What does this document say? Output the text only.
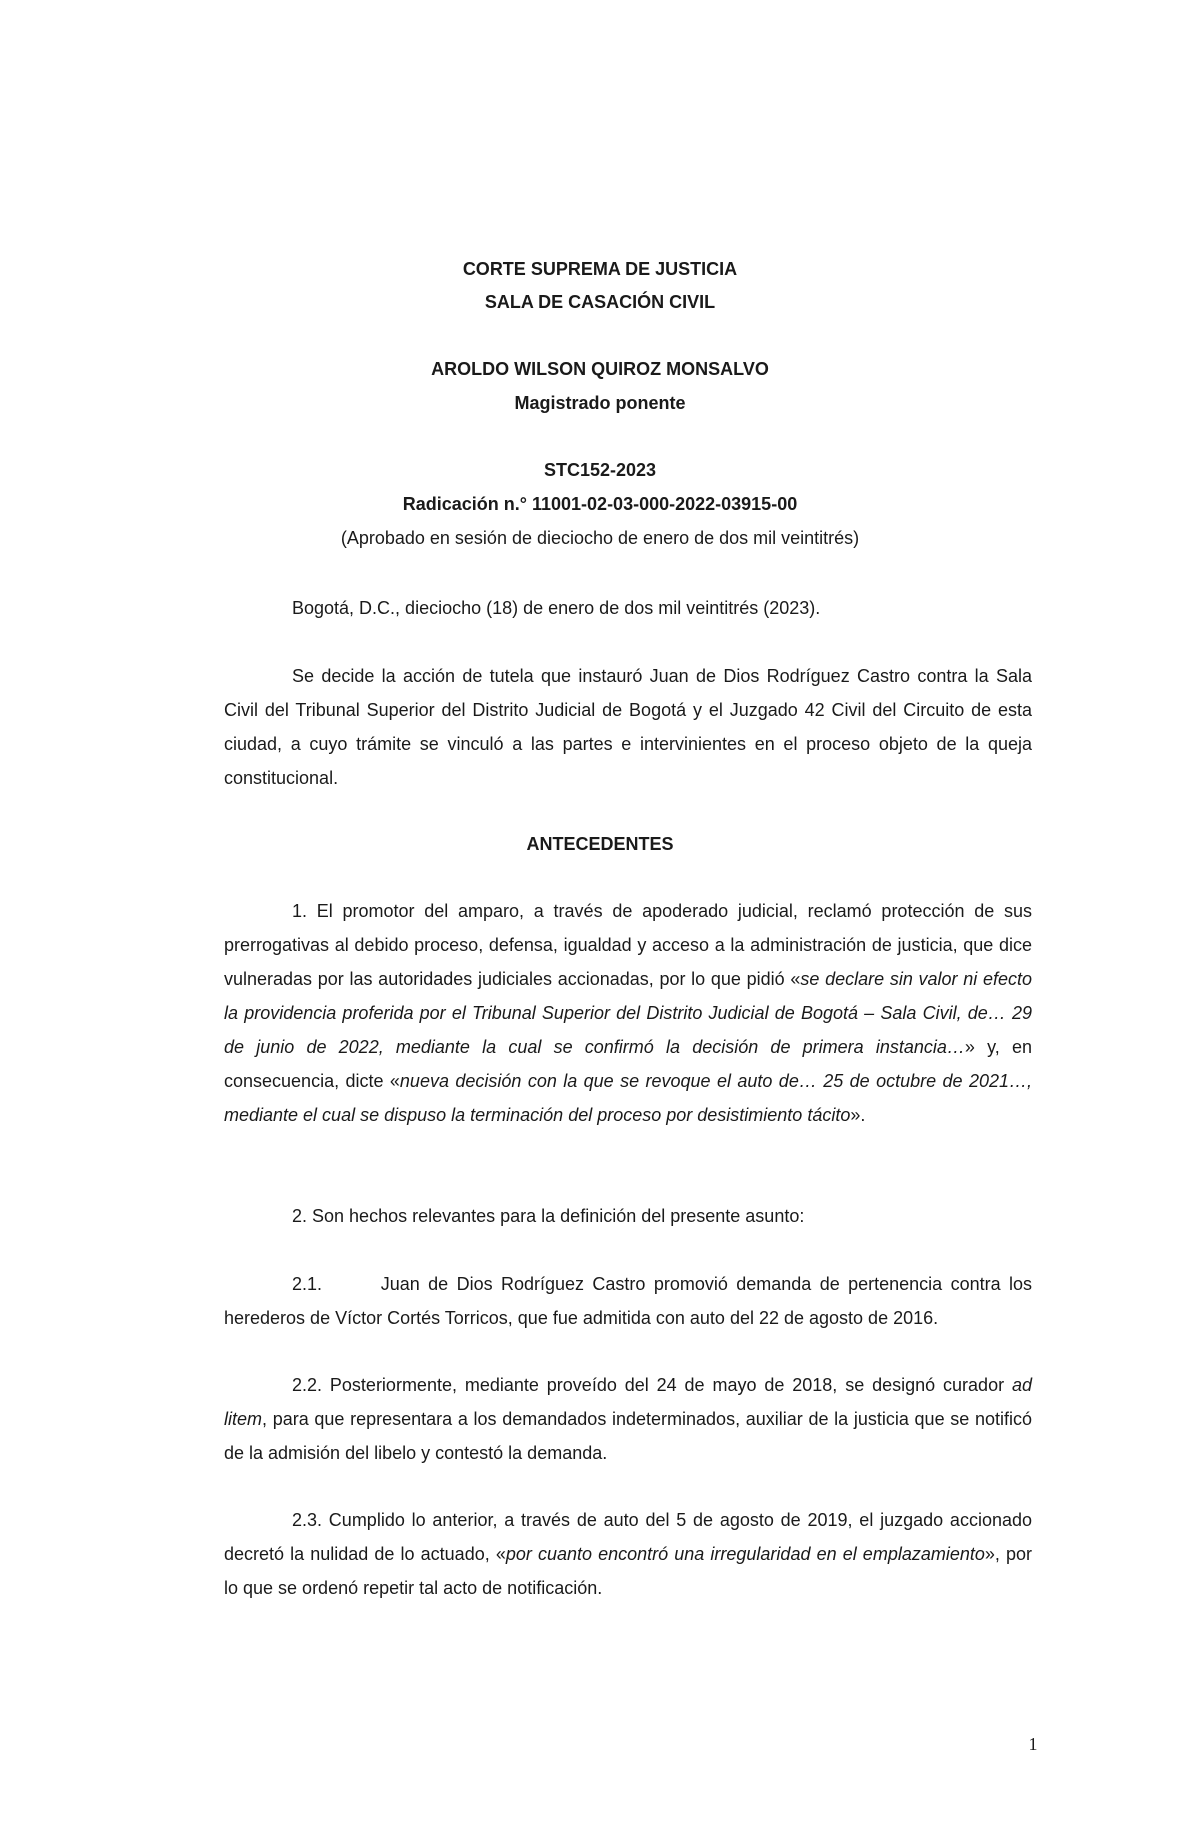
CORTE SUPREMA DE JUSTICIA
SALA DE CASACIÓN CIVIL
AROLDO WILSON QUIROZ MONSALVO
Magistrado ponente
STC152-2023
Radicación n.° 11001-02-03-000-2022-03915-00
(Aprobado en sesión de dieciocho de enero de dos mil veintitrés)
Bogotá, D.C., dieciocho (18) de enero de dos mil veintitrés (2023).
Se decide la acción de tutela que instauró Juan de Dios Rodríguez Castro contra la Sala Civil del Tribunal Superior del Distrito Judicial de Bogotá y el Juzgado 42 Civil del Circuito de esta ciudad, a cuyo trámite se vinculó a las partes e intervinientes en el proceso objeto de la queja constitucional.
ANTECEDENTES
1. El promotor del amparo, a través de apoderado judicial, reclamó protección de sus prerrogativas al debido proceso, defensa, igualdad y acceso a la administración de justicia, que dice vulneradas por las autoridades judiciales accionadas, por lo que pidió «se declare sin valor ni efecto la providencia proferida por el Tribunal Superior del Distrito Judicial de Bogotá – Sala Civil, de… 29 de junio de 2022, mediante la cual se confirmó la decisión de primera instancia…» y, en consecuencia, dicte «nueva decisión con la que se revoque el auto de… 25 de octubre de 2021…, mediante el cual se dispuso la terminación del proceso por desistimiento tácito».
2. Son hechos relevantes para la definición del presente asunto:
2.1.       Juan de Dios Rodríguez Castro promovió demanda de pertenencia contra los herederos de Víctor Cortés Torricos, que fue admitida con auto del 22 de agosto de 2016.
2.2. Posteriormente, mediante proveído del 24 de mayo de 2018, se designó curador ad litem, para que representara a los demandados indeterminados, auxiliar de la justicia que se notificó de la admisión del libelo y contestó la demanda.
2.3. Cumplido lo anterior, a través de auto del 5 de agosto de 2019, el juzgado accionado decretó la nulidad de lo actuado, «por cuanto encontró una irregularidad en el emplazamiento», por lo que se ordenó repetir tal acto de notificación.
1
